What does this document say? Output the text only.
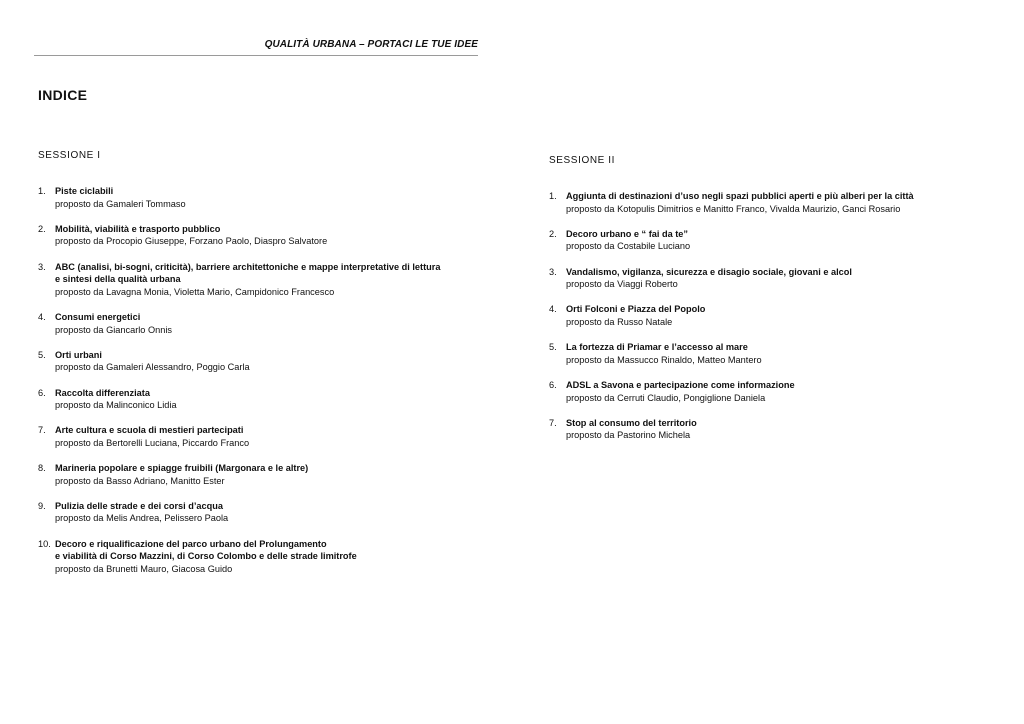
QUALITÀ URBANA – PORTACI LE TUE IDEE
INDICE
SESSIONE I
1. Piste ciclabili
proposto da Gamaleri Tommaso
2. Mobilità, viabilità e trasporto pubblico
proposto da Procopio Giuseppe, Forzano Paolo, Diaspro Salvatore
3. ABC (analisi, bi-sogni, criticità), barriere architettoniche e mappe interpretative di lettura
e sintesi della qualità urbana
proposto da Lavagna Monia, Violetta Mario, Campidonico Francesco
4. Consumi energetici
proposto da Giancarlo Onnis
5. Orti urbani
proposto da Gamaleri Alessandro, Poggio Carla
6. Raccolta differenziata
proposto da Malinconico Lidia
7. Arte cultura e scuola di mestieri partecipati
proposto da Bertorelli Luciana, Piccardo Franco
8. Marineria popolare e spiagge fruibili (Margonara e le altre)
proposto da Basso Adriano, Manitto Ester
9. Pulizia delle strade e dei corsi d’acqua
proposto da Melis Andrea, Pelissero Paola
10. Decoro e riqualificazione del parco urbano del Prolungamento
e viabilità di Corso Mazzini, di Corso Colombo e delle strade limitrofe
proposto da Brunetti Mauro, Giacosa Guido
SESSIONE II
1. Aggiunta di destinazioni d’uso negli spazi pubblici aperti e più alberi per la città
proposto da Kotopulis Dimitrios e Manitto Franco, Vivalda Maurizio, Ganci Rosario
2. Decoro urbano e “ fai da te”
proposto da Costabile Luciano
3. Vandalismo, vigilanza, sicurezza e disagio sociale, giovani e alcol
proposto da Viaggi Roberto
4. Orti Folconi e Piazza del Popolo
proposto da Russo Natale
5. La fortezza di Priamar e l’accesso al mare
proposto da Massucco Rinaldo, Matteo Mantero
6. ADSL a Savona e partecipazione come informazione
proposto da Cerruti Claudio, Pongiglione Daniela
7. Stop al consumo del territorio
proposto da Pastorino Michela
